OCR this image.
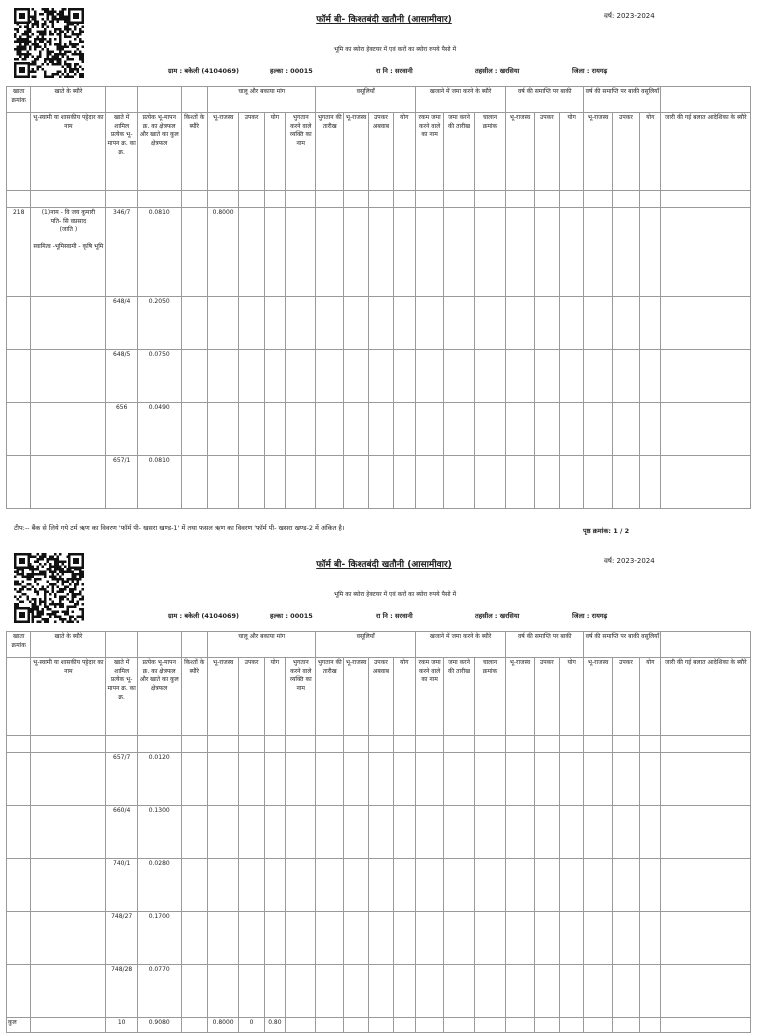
फॉर्म बी- किश्तबंदी खतौनी (आसामीवार)	वर्ष: 2023-2024
भूमि का ब्योरा हेक्टयर में एवं करों का ब्योरा रुपये पैसो में
ग्राम : बकेली (4104069)	हल्का : 00015	रा नि : सरवानी	तहसील : खरसिया	जिला : रायगढ़
खाता क्रमांक	खाते के ब्यौरे				चालू और बकाया मांग				वसूलियाँ				खजाने में जमा करने के ब्यौरे			वर्ष की समाप्ति पर बाकी			वर्ष की समाप्ति पर बाकी वसूलियाँ			
	भू-स्वामी या शासकीय पट्टेदार का नाम	खाते में शामिल प्रत्येक भू-मापन क्र. का क्र.	प्रत्येक भू-मापन क्र. का क्षेत्रफल और खाते का कुल क्षेत्रफल	किश्तों के ब्यौरे	भू-राजस्व	उपकर	योग	भुगतान करने वाले व्यक्ति का नाम	भुगतान की तारीख	भू-राजस्व	उपकर अबवाब	योग	रकम जमा करने वाले का नाम	जमा करने की तारीख	चालान क्रमांक	भू-राजस्व	उपकर	योग	भू-राजस्व	उपकर	योग	जारी की गई बलात आदेशिका के ब्यौरे

218	(1)नाम - वि जय कुमारी
पति- सि वप्रसाद
(जाति )
स्वामित्व -भूमिस्वामी - कृषि भूमि	346/7	0.0810		0.8000																	
		648/4	0.2050																			
		648/5	0.0750																			
		656	0.0490																			
		657/1	0.0810																			
टीप:-- बैंक से लिये गये टर्म ऋण का विवरण 'फॉर्म पी- खसरा खण्ड-1' में तथा फसल ऋण का विवरण 'फॉर्म पी- खसरा खण्ड-2 में अंकित है।	पृष्ठ क्रमांक: 1 / 2
फॉर्म बी- किश्तबंदी खतौनी (आसामीवार)	वर्ष: 2023-2024
भूमि का ब्योरा हेक्टयर में एवं करों का ब्योरा रुपये पैसो में
ग्राम : बकेली (4104069)	हल्का : 00015	रा नि : सरवानी	तहसील : खरसिया	जिला : रायगढ़
खाता क्रमांक	खाते के ब्यौरे				चालू और बकाया मांग				वसूलियाँ				खजाने में जमा करने के ब्यौरे			वर्ष की समाप्ति पर बाकी			वर्ष की समाप्ति पर बाकी वसूलियाँ			
	भू-स्वामी या शासकीय पट्टेदार का नाम	खाते में शामिल प्रत्येक भू-मापन क्र. का क्र.	प्रत्येक भू-मापन क्र. का क्षेत्रफल और खाते का कुल क्षेत्रफल	किश्तों के ब्यौरे	भू-राजस्व	उपकर	योग	भुगतान करने वाले व्यक्ति का नाम	भुगतान की तारीख	भू-राजस्व	उपकर अबवाब	योग	रकम जमा करने वाले का नाम	जमा करने की तारीख	चालान क्रमांक	भू-राजस्व	उपकर	योग	भू-राजस्व	उपकर	योग	जारी की गई बलात आदेशिका के ब्यौरे

		657/7	0.0120																			
		660/4	0.1300																			
		740/1	0.0280																			
		748/27	0.1700																			
		748/28	0.0770																			
कुल		10	0.9080		0.8000	0	0.80															
